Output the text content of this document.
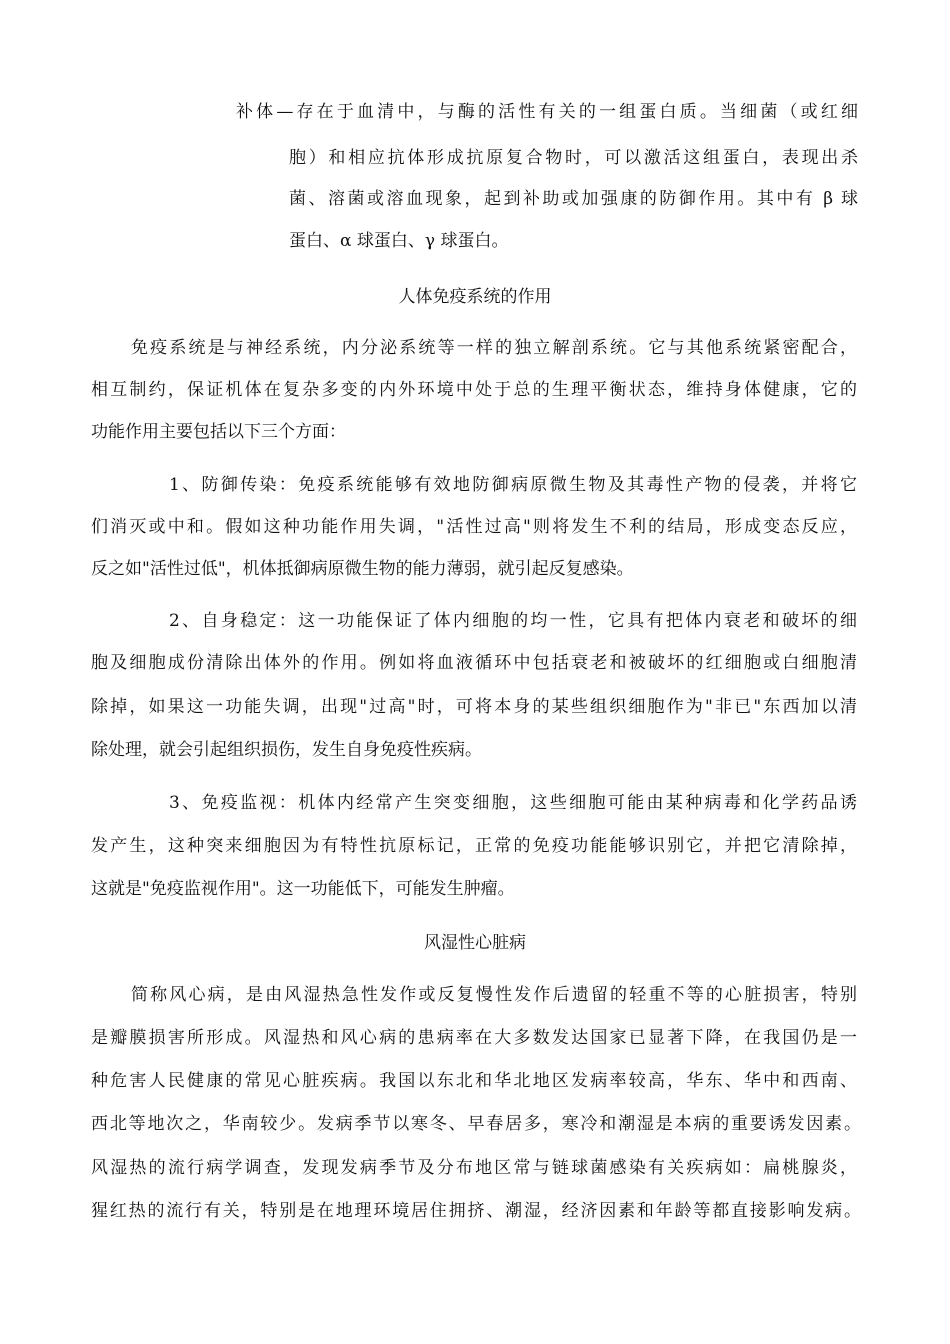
补体—存在于血清中，与酶的活性有关的一组蛋白质。当细菌（或红细
胞）和相应抗体形成抗原复合物时，可以激活这组蛋白，表现出杀
菌、溶菌或溶血现象，起到补助或加强康的防御作用。其中有 β 球
蛋白、α 球蛋白、γ 球蛋白。
人体免疫系统的作用
免疫系统是与神经系统，内分泌系统等一样的独立解剖系统。它与其他系统紧密配合，
相互制约，保证机体在复杂多变的内外环境中处于总的生理平衡状态，维持身体健康，它的
功能作用主要包括以下三个方面：
1、防御传染：免疫系统能够有效地防御病原微生物及其毒性产物的侵袭，并将它
们消灭或中和。假如这种功能作用失调，"活性过高"则将发生不利的结局，形成变态反应，
反之如"活性过低"，机体抵御病原微生物的能力薄弱，就引起反复感染。
2、自身稳定：这一功能保证了体内细胞的均一性，它具有把体内衰老和破坏的细
胞及细胞成份清除出体外的作用。例如将血液循环中包括衰老和被破坏的红细胞或白细胞清
除掉，如果这一功能失调，出现"过高"时，可将本身的某些组织细胞作为"非已"东西加以清
除处理，就会引起组织损伤，发生自身免疫性疾病。
3、免疫监视：机体内经常产生突变细胞，这些细胞可能由某种病毒和化学药品诱
发产生，这种突来细胞因为有特性抗原标记，正常的免疫功能能够识别它，并把它清除掉，
这就是"免疫监视作用"。这一功能低下，可能发生肿瘤。
风湿性心脏病
简称风心病，是由风湿热急性发作或反复慢性发作后遗留的轻重不等的心脏损害，特别
是瓣膜损害所形成。风湿热和风心病的患病率在大多数发达国家已显著下降，在我国仍是一
种危害人民健康的常见心脏疾病。我国以东北和华北地区发病率较高，华东、华中和西南、
西北等地次之，华南较少。发病季节以寒冬、早春居多，寒冷和潮湿是本病的重要诱发因素。
风湿热的流行病学调查，发现发病季节及分布地区常与链球菌感染有关疾病如：扁桃腺炎，
猩红热的流行有关，特别是在地理环境居住拥挤、潮湿，经济因素和年龄等都直接影响发病。
